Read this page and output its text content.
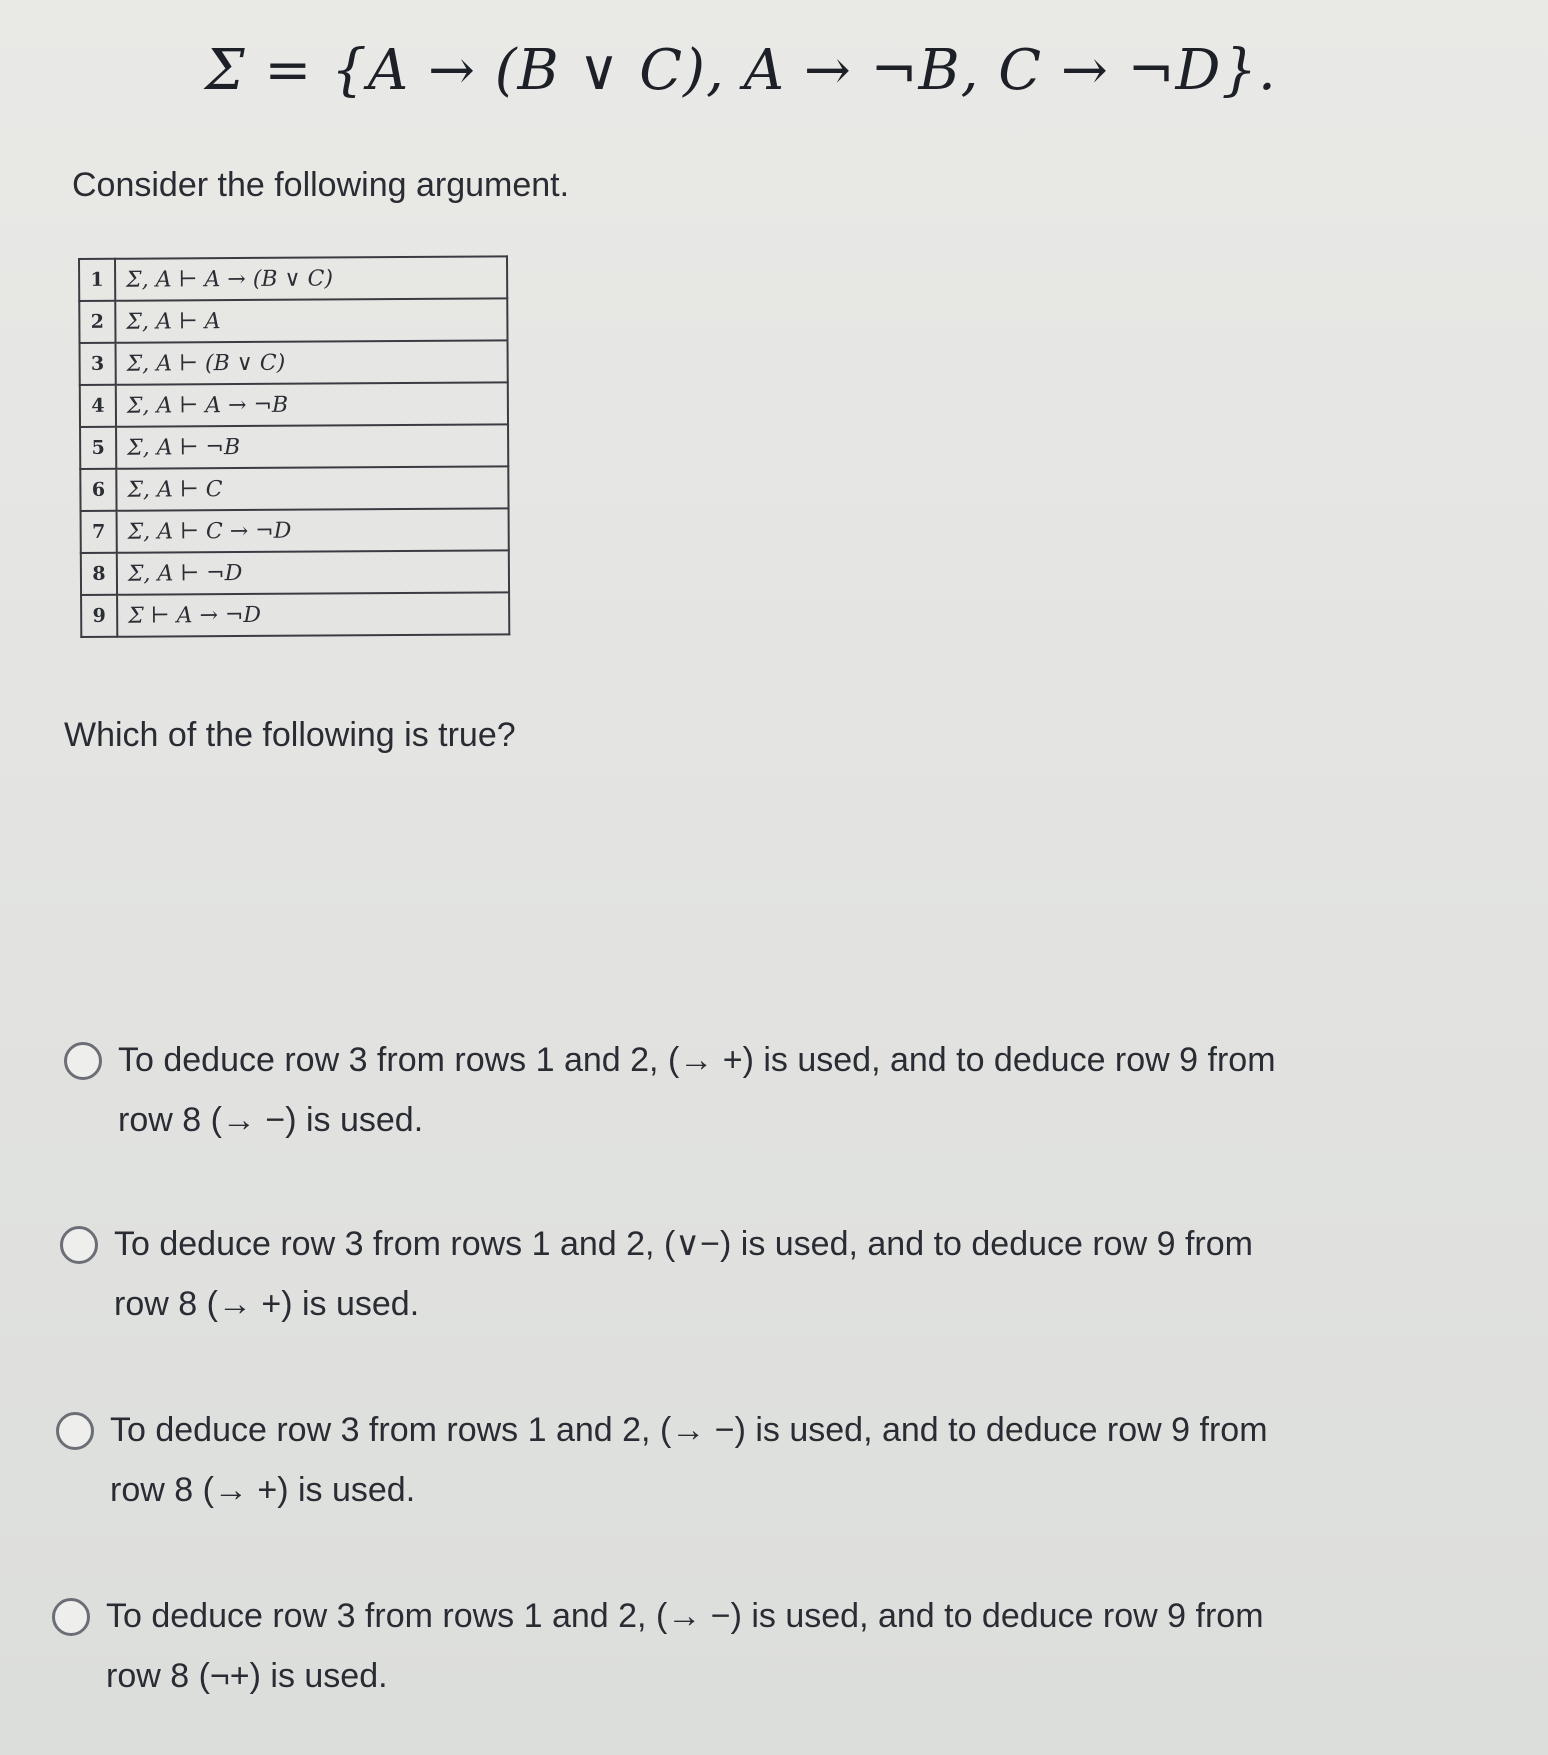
Σ = {A → (B ∨ C), A → ¬B, C → ¬D}.
Consider the following argument.
1	Σ, A ⊢ A → (B ∨ C)
2	Σ, A ⊢ A
3	Σ, A ⊢ (B ∨ C)
4	Σ, A ⊢ A → ¬B
5	Σ, A ⊢ ¬B
6	Σ, A ⊢ C
7	Σ, A ⊢ C → ¬D
8	Σ, A ⊢ ¬D
9	Σ ⊢ A → ¬D
Which of the following is true?
To deduce row 3 from rows 1 and 2, (→ +) is used, and to deduce row 9 from row 8 (→ −) is used.
To deduce row 3 from rows 1 and 2, (∨−) is used, and to deduce row 9 from row 8 (→ +) is used.
To deduce row 3 from rows 1 and 2, (→ −) is used, and to deduce row 9 from row 8 (→ +) is used.
To deduce row 3 from rows 1 and 2, (→ −) is used, and to deduce row 9 from row 8 (¬+) is used.
